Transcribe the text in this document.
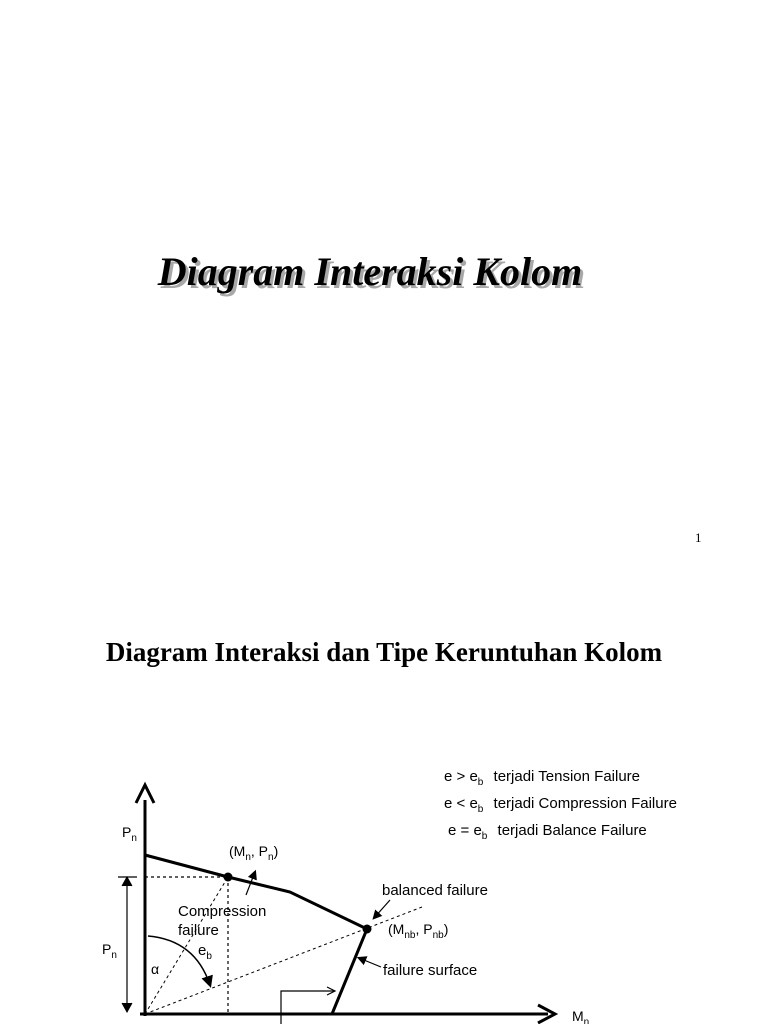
Diagram Interaksi Kolom
1
Diagram Interaksi dan Tipe Keruntuhan Kolom
$e > e_b$ terjadi Tension Failure
$e < e_b$ terjadi Compression Failure
$e = e_b$ terjadi Balance Failure
$P_n$
$M_n$
$P_n$
($M_n$, $P_n$)
($M_{nb}$, $P_{nb}$)
Compression
failure
$e_b$
α
balanced failure
failure surface
